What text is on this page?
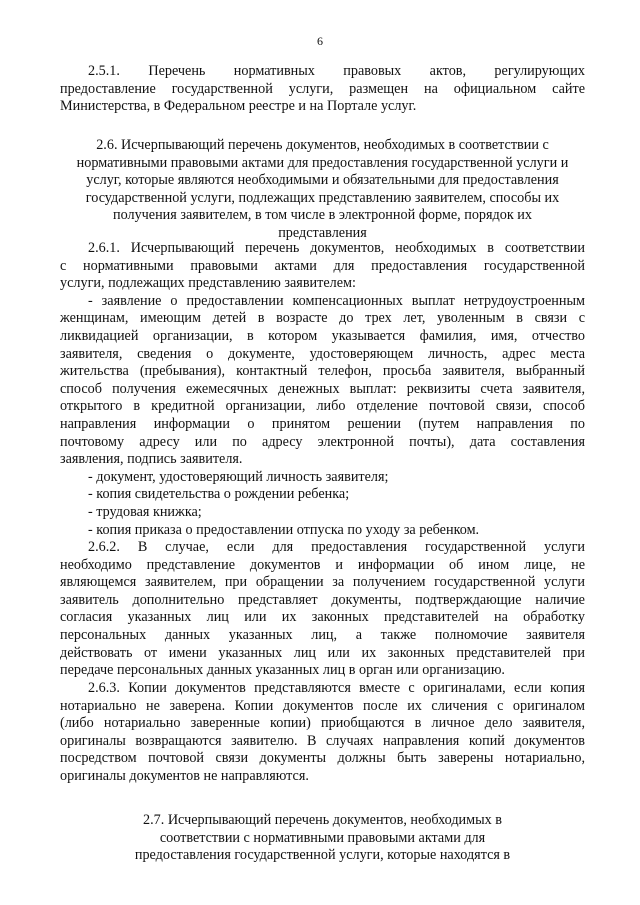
6
2.5.1. Перечень нормативных правовых актов, регулирующих
предоставление государственной услуги, размещен на официальном сайте
Министерства, в Федеральном реестре и на Портале услуг.
2.6. Исчерпывающий перечень документов, необходимых в соответствии с
нормативными правовыми актами для предоставления государственной услуги и
услуг, которые являются необходимыми и обязательными для предоставления
государственной услуги, подлежащих представлению заявителем, способы их
получения заявителем, в том числе в электронной форме, порядок их
представления
2.6.1. Исчерпывающий перечень документов, необходимых в соответствии
с нормативными правовыми актами для предоставления государственной
услуги, подлежащих представлению заявителем:
- заявление о предоставлении компенсационных выплат нетрудоустроенным
женщинам, имеющим детей в возрасте до трех лет, уволенным в связи с
ликвидацией организации, в котором указывается фамилия, имя, отчество
заявителя, сведения о документе, удостоверяющем личность, адрес места
жительства (пребывания), контактный телефон, просьба заявителя, выбранный
способ получения ежемесячных денежных выплат: реквизиты счета заявителя,
открытого в кредитной организации, либо отделение почтовой связи, способ
направления информации о принятом решении (путем направления по
почтовому адресу или по адресу электронной почты), дата составления
заявления, подпись заявителя.
- документ, удостоверяющий личность заявителя;
- копия свидетельства о рождении ребенка;
- трудовая книжка;
- копия приказа о предоставлении отпуска по уходу за ребенком.
2.6.2. В случае, если для предоставления государственной услуги
необходимо представление документов и информации об ином лице, не
являющемся заявителем, при обращении за получением государственной услуги
заявитель дополнительно представляет документы, подтверждающие наличие
согласия указанных лиц или их законных представителей на обработку
персональных данных указанных лиц, а также полномочие заявителя
действовать от имени указанных лиц или их законных представителей при
передаче персональных данных указанных лиц в орган или организацию.
2.6.3. Копии документов представляются вместе с оригиналами, если копия
нотариально не заверена. Копии документов после их сличения с оригиналом
(либо нотариально заверенные копии) приобщаются в личное дело заявителя,
оригиналы возвращаются заявителю. В случаях направления копий документов
посредством почтовой связи документы должны быть заверены нотариально,
оригиналы документов не направляются.
2.7. Исчерпывающий перечень документов, необходимых в
соответствии с нормативными правовыми актами для
предоставления государственной услуги, которые находятся в
